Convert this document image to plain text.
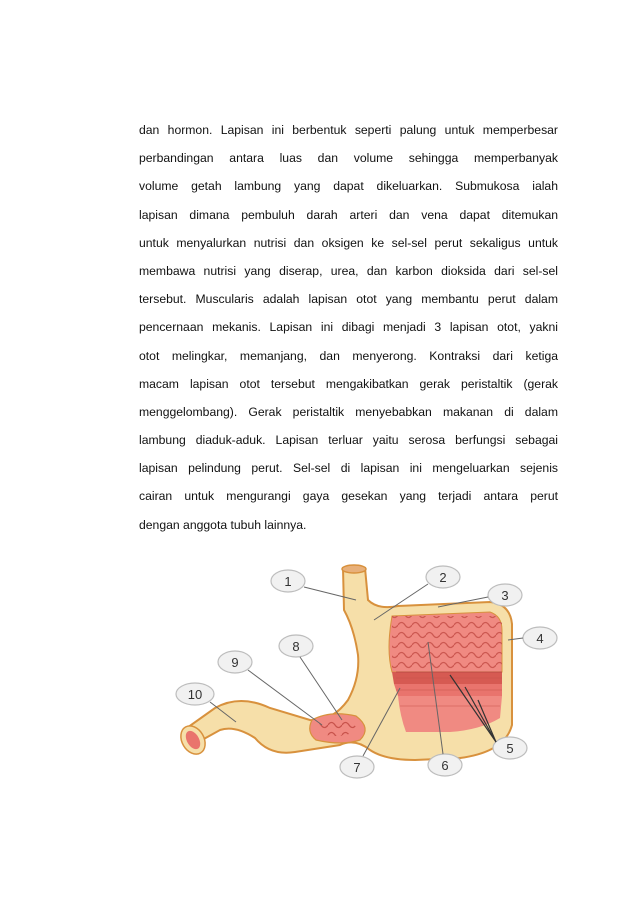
dan hormon. Lapisan ini berbentuk seperti palung untuk memperbesar
perbandingan antara luas dan volume sehingga memperbanyak
volume getah lambung yang dapat dikeluarkan. Submukosa ialah
lapisan dimana pembuluh darah arteri dan vena dapat ditemukan
untuk menyalurkan nutrisi dan oksigen ke sel-sel perut sekaligus untuk
membawa nutrisi yang diserap, urea, dan karbon dioksida dari sel-sel
tersebut. Muscularis adalah lapisan otot yang membantu perut dalam
pencernaan mekanis. Lapisan ini dibagi menjadi 3 lapisan otot, yakni
otot melingkar, memanjang, dan menyerong. Kontraksi dari ketiga
macam lapisan otot tersebut mengakibatkan gerak peristaltik (gerak
menggelombang). Gerak peristaltik menyebabkan makanan di dalam
lambung diaduk-aduk. Lapisan terluar yaitu serosa berfungsi sebagai
lapisan pelindung perut. Sel-sel di lapisan ini mengeluarkan sejenis
cairan untuk mengurangi gaya gesekan yang terjadi antara perut
dengan anggota tubuh lainnya.
1	2
3
4
5
6
7
8
9
10
